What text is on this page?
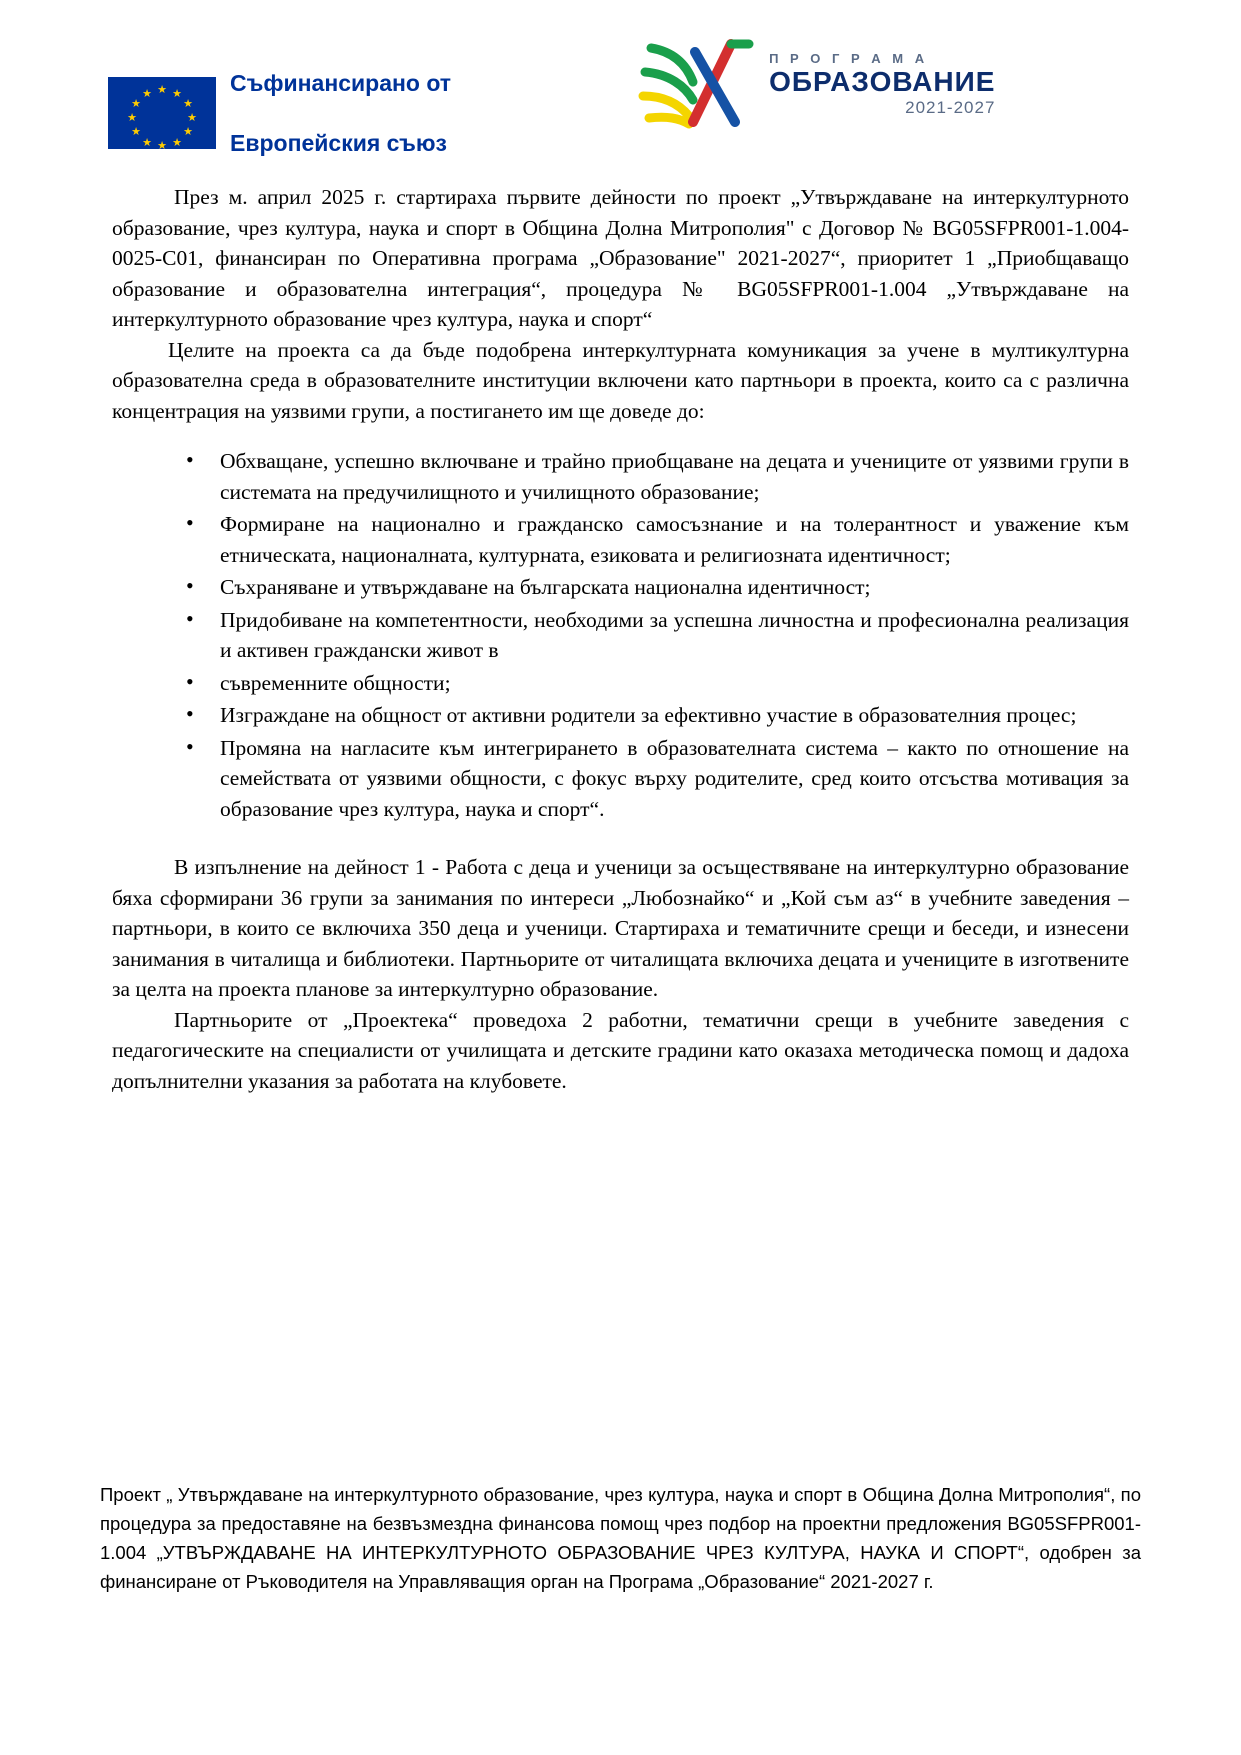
★ ★
★
★
★
★
★
★
★
★
★
★	Съфинансирано от

Европейския съюз

П Р О Г Р А М А
ОБРАЗОВАНИЕ
2021-2027

През м. април 2025 г. стартираха първите дейности по проект „Утвърждаване на интеркултурното образование, чрез култура, наука и спорт в Община Долна Митрополия" с Договор № BG05SFPR001-1.004-0025-C01, финансиран по Оперативна програма „Образование" 2021-2027“, приоритет 1 „Приобщаващо образование и образователна интеграция“, процедура № BG05SFPR001-1.004 „Утвърждаване на интеркултурното образование чрез култура, наука и спорт“

Целите на проекта са да бъде подобрена интеркултурната комуникация за учене в мултикултурна образователна среда в образователните институции включени като партньори в проекта, които са с различна концентрация на уязвими групи, а постигането им ще доведе до:

• Обхващане, успешно включване и трайно приобщаване на децата и учениците от уязвими групи в системата на предучилищното и училищното образование;
• Формиране на национално и гражданско самосъзнание и на толерантност и уважение към етническата, националната, културната, езиковата и религиозната идентичност;
• Съхраняване и утвърждаване на българската национална идентичност;
• Придобиване на компетентности, необходими за успешна личностна и професионална реализация и активен граждански живот в
• съвременните общности;
• Изграждане на общност от активни родители за ефективно участие в образователния процес;
• Промяна на нагласите към интегрирането в образователната система – както по отношение на семействата от уязвими общности, с фокус върху родителите, сред които отсъства мотивация за образование чрез култура, наука и спорт“.

В изпълнение на дейност 1 - Работа с деца и ученици за осъществяване на интеркултурно образование бяха сформирани 36 групи за занимания по интереси „Любознайко“ и „Кой съм аз“ в учебните заведения – партньори, в които се включиха 350 деца и ученици. Стартираха и тематичните срещи и беседи, и изнесени занимания в читалища и библиотеки. Партньорите от читалищата включиха децата и учениците в изготвените за целта на проекта планове за интеркултурно образование.

Партньорите от „Проектека“ проведоха 2 работни, тематични срещи в учебните заведения с педагогическите на специалисти от училищата и детските градини като оказаха методическа помощ и дадоха допълнителни указания за работата на клубовете.

Проект „ Утвърждаване на интеркултурното образование, чрез култура, наука и спорт в Община Долна Митрополия“, по процедура за предоставяне на безвъзмездна финансова помощ чрез подбор на проектни предложения BG05SFPR001-1.004 „УТВЪРЖДАВАНЕ НА ИНТЕРКУЛТУРНОТО ОБРАЗОВАНИЕ ЧРЕЗ КУЛТУРА, НАУКА И СПОРТ“, одобрен за финансиране от Ръководителя на Управляващия орган на Програма „Образование“ 2021-2027 г.
